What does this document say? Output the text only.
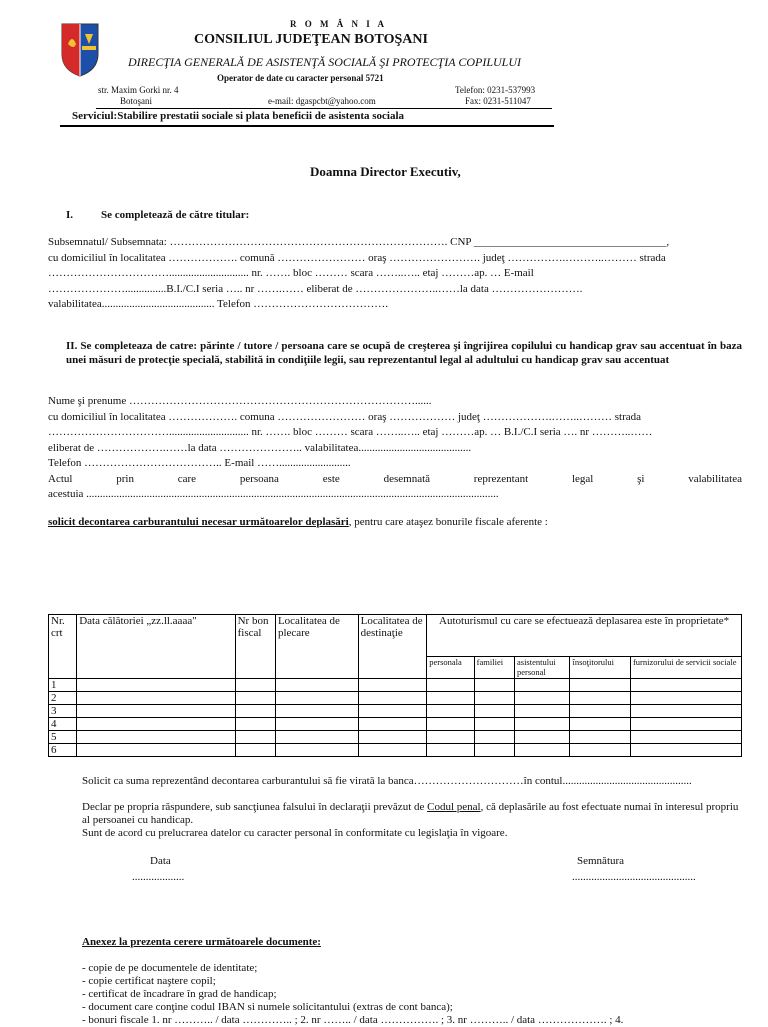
R O M Â N I A
CONSILIUL JUDEŢEAN BOTOŞANI
DIRECŢIA GENERALĂ DE ASISTENŢĂ SOCIALĂ ŞI PROTECŢIA COPILULUI
Operator de date cu caracter personal 5721
str. Maxim Gorki nr. 4
Botoşani	e-mail: dgaspcbt@yahoo.com
Telefon: 0231-537993
Fax: 0231-511047
Serviciul:Stabilire prestatii sociale si plata beneficii de asistenta sociala
Doamna Director Executiv,
I.	Se completează de către titular:

Subsemnatul/ Subsemnata: …………………………………………………………………. CNP ___________________________________,

cu domiciliul în localitatea ………………. comună …………………… oraş ……………………. judeţ …………….………..……… strada

……………………………............................. nr. ……. bloc ……… scara ……..….. etaj ………ap. … E-mail

…………………...............B.I./C.I seria ….. nr …….…… eliberat de …………………..……la data …………………….

valabilitatea......................................... Telefon ……………………………….

II. Se completeaza de catre: părinte / tutore / persoana care se ocupă de creşterea şi îngrijirea copilului cu handicap grav sau accentuat în baza unei măsuri de protecţie specială, stabilită in condiţiile legii, sau reprezentantul legal al adultului cu handicap grav sau accentuat

Nume şi prenume ……………………………………………………………………......

cu domiciliul în localitatea ………………. comuna …………………… oraş ……………… judeţ ……………….……..……… strada

……………………………............................. nr. ……. bloc ……… scara ……..….. etaj ………ap. … B.I./C.I seria …. nr ………..……

eliberat de ……………….……la data ………………….. valabilitatea.........................................

Telefon ……………………………….. E-mail ……..........................

Actul prin care persoana este desemnată reprezentant legal şi valabilitatea

acestuia ......................................................................................................................................................

solicit decontarea carburantului necesar următoarelor deplasări, pentru care ataşez bonurile fiscale aferente :
Nr. crt	Data călătoriei „zz.ll.aaaa"	Nr bon fiscal	Localitatea de plecare	Localitatea de destinaţie	Autoturismul cu care se efectuează deplasarea este în proprietate*				
					personala	familiei	asistentului personal	însoţitorului	furnizorului de servicii sociale
1									
2									
3									
4									
5									
6									
Solicit ca suma reprezentând decontarea carburantului să fie virată la banca…………………………în contul...............................................
Declar pe propria răspundere, sub sancţiunea falsului în declaraţii prevăzut de Codul penal, că deplasările au fost efectuate numai în interesul propriu al persoanei cu handicap.
Sunt de acord cu prelucrarea datelor cu caracter personal în conformitate cu legislaţia în vigoare.
Data
...................
Semnătura
.............................................
Anexez la prezenta cerere următoarele documente:

- copie de pe documentele de identitate;

- copie certificat naştere copil;

- certificat de încadrare în grad de handicap;

- document care conţine codul IBAN si numele solicitantului (extras de cont banca);

- bonuri fiscale 1. nr ……….. / data ………….. ; 2. nr …….. / data ……………. ; 3. nr ……….. / data ………………. ; 4.
